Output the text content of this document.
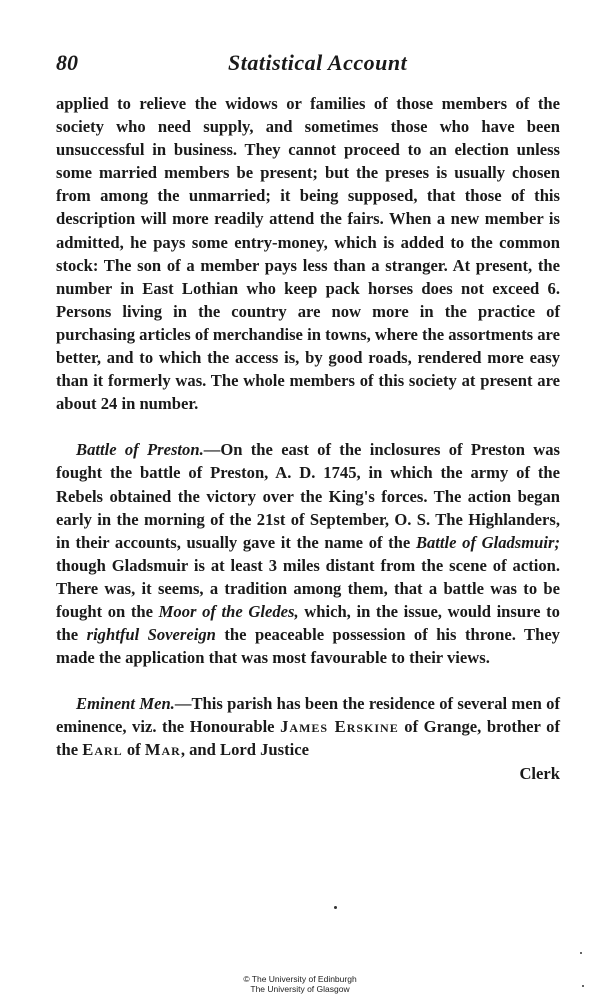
80	Statistical Account

applied to relieve the widows or families of those members of the society who need supply, and sometimes those who have been unsuccessful in business. They cannot proceed to an election unless some married members be present; but the preses is usually chosen from among the unmarried; it being supposed, that those of this description will more readily attend the fairs. When a new member is admitted, he pays some entry-money, which is added to the common stock: The son of a member pays less than a stranger. At present, the number in East Lothian who keep pack horses does not exceed 6. Persons living in the country are now more in the practice of purchasing articles of merchandise in towns, where the assortments are better, and to which the access is, by good roads, rendered more easy than it formerly was. The whole members of this society at present are about 24 in number.

Battle of Preston.—On the east of the inclosures of Preston was fought the battle of Preston, A. D. 1745, in which the army of the Rebels obtained the victory over the King's forces. The action began early in the morning of the 21st of September, O. S. The Highlanders, in their accounts, usually gave it the name of the Battle of Gladsmuir; though Gladsmuir is at least 3 miles distant from the scene of action. There was, it seems, a tradition among them, that a battle was to be fought on the Moor of the Gledes, which, in the issue, would insure to the rightful Sovereign the peaceable possession of his throne. They made the application that was most favourable to their views.

Eminent Men.—This parish has been the residence of several men of eminence, viz. the Honourable James Erskine of Grange, brother of the Earl of Mar, and Lord Justice
Clerk

© The University of Edinburgh
The University of Glasgow
